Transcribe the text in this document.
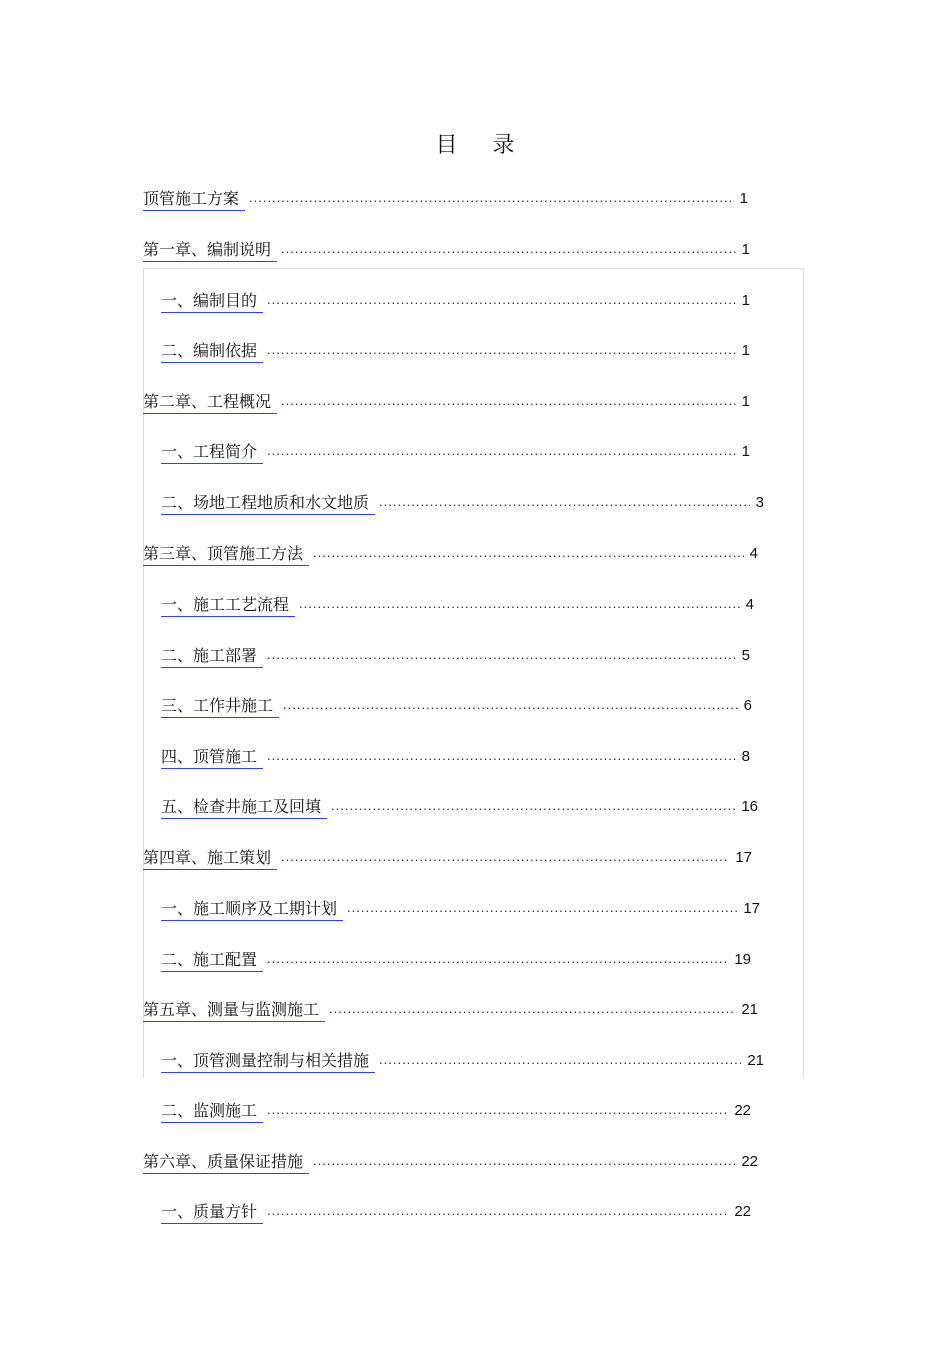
目 录
顶管施工方案 .....	1
第一章、编制说明 .....	1
一、编制目的 .....	1
二、编制依据 .....	1
第二章、工程概况 .....	1
一、工程简介 .....	1
二、场地工程地质和水文地质 .....	3
第三章、顶管施工方法 .....	4
一、施工工艺流程 .....	4
二、施工部署 .....	5
三、工作井施工 .....	6
四、顶管施工 .....	8
五、检查井施工及回填 .....	16
第四章、施工策划 .....	17
一、施工顺序及工期计划 .....	17
二、施工配置 .....	19
第五章、测量与监测施工 .....	21
一、顶管测量控制与相关措施 .....	21
二、监测施工 .....	22
第六章、质量保证措施 .....	22
一、质量方针 .....	22
